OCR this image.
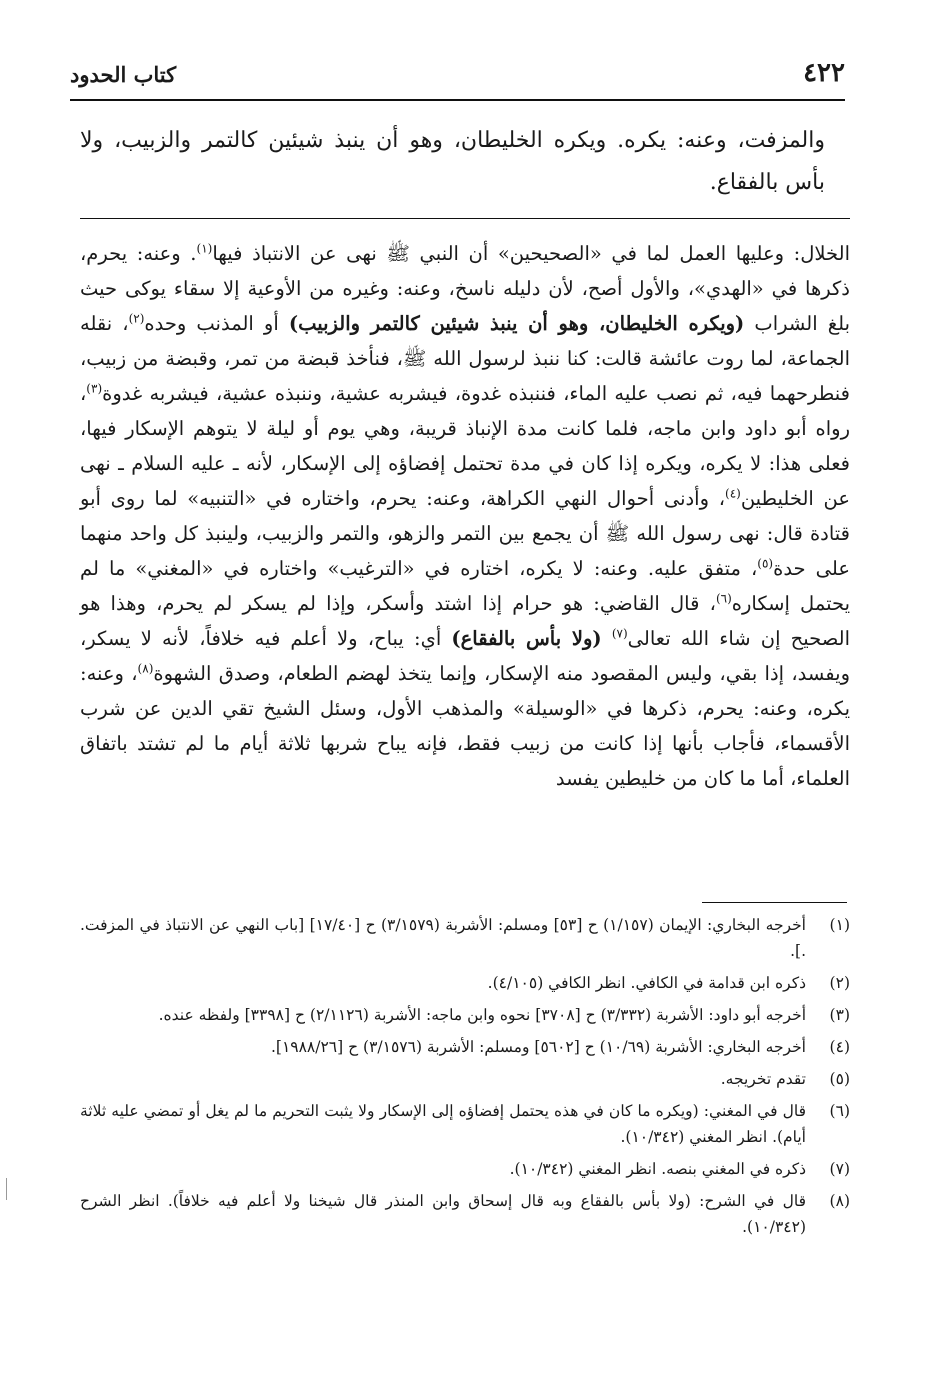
٤٢٢
كتاب الحدود

والمزفت، وعنه: يكره. ويكره الخليطان، وهو أن ينبذ شيئين كالتمر والزبيب، ولا بأس بالفقاع.

الخلال: وعليها العمل لما في «الصحيحين» أن النبي ﷺ نهى عن الانتباذ فيها$^{(١)}$. وعنه: يحرم، ذكرها في «الهدي»، والأول أصح، لأن دليله ناسخ، وعنه: وغيره من الأوعية إلا سقاء يوكى حيث بلغ الشراب (ويكره الخليطان، وهو أن ينبذ شيئين كالتمر والزبيب) أو المذنب وحده$^{(٢)}$، نقله الجماعة، لما روت عائشة قالت: كنا ننبذ لرسول الله ﷺ، فنأخذ قبضة من تمر، وقبضة من زبيب، فنطرحهما فيه، ثم نصب عليه الماء، فننبذه غدوة، فيشربه عشية، وننبذه عشية، فيشربه غدوة$^{(٣)}$، رواه أبو داود وابن ماجه، فلما كانت مدة الإنباذ قريبة، وهي يوم أو ليلة لا يتوهم الإسكار فيها، فعلى هذا: لا يكره، ويكره إذا كان في مدة تحتمل إفضاؤه إلى الإسكار، لأنه ـ عليه السلام ـ نهى عن الخليطين$^{(٤)}$، وأدنى أحوال النهي الكراهة، وعنه: يحرم، واختاره في «التنبيه» لما روى أبو قتادة قال: نهى رسول الله ﷺ أن يجمع بين التمر والزهو، والتمر والزبيب، ولينبذ كل واحد منهما على حدة$^{(٥)}$، متفق عليه. وعنه: لا يكره، اختاره في «الترغيب» واختاره في «المغني» ما لم يحتمل إسكاره$^{(٦)}$، قال القاضي: هو حرام إذا اشتد وأسكر، وإذا لم يسكر لم يحرم، وهذا هو الصحيح إن شاء الله تعالى$^{(٧)}$ (ولا بأس بالفقاع) أي: يباح، ولا أعلم فيه خلافاً، لأنه لا يسكر، ويفسد، إذا بقي، وليس المقصود منه الإسكار، وإنما يتخذ لهضم الطعام، وصدق الشهوة$^{(٨)}$، وعنه: يكره، وعنه: يحرم، ذكرها في «الوسيلة» والمذهب الأول، وسئل الشيخ تقي الدين عن شرب الأقسماء، فأجاب بأنها إذا كانت من زبيب فقط، فإنه يباح شربها ثلاثة أيام ما لم تشتد باتفاق العلماء، أما ما كان من خليطين يفسد

(١)
أخرجه البخاري: الإيمان (١/١٥٧) ح [٥٣] ومسلم: الأشربة (٣/١٥٧٩) ح [١٧/٤٠] [باب النهي عن الانتباذ في المزفت. .].
(٢)
ذكره ابن قدامة في الكافي. انظر الكافي (٤/١٠٥).
(٣)
أخرجه أبو داود: الأشربة (٣/٣٣٢) ح [٣٧٠٨] نحوه وابن ماجه: الأشربة (٢/١١٢٦) ح [٣٣٩٨] ولفظه عنده.
(٤)
أخرجه البخاري: الأشربة (١٠/٦٩) ح [٥٦٠٢] ومسلم: الأشربة (٣/١٥٧٦) ح [١٩٨٨/٢٦].
(٥)
تقدم تخريجه.
(٦)
قال في المغني: (ويكره ما كان في هذه يحتمل إفضاؤه إلى الإسكار ولا يثبت التحريم ما لم يغل أو تمضي عليه ثلاثة أيام). انظر المغني (١٠/٣٤٢).
(٧)
ذكره في المغني بنصه. انظر المغني (١٠/٣٤٢).
(٨)
قال في الشرح: (ولا بأس بالفقاع وبه قال إسحاق وابن المنذر قال شيخنا ولا أعلم فيه خلافاً). انظر الشرح (١٠/٣٤٢).
